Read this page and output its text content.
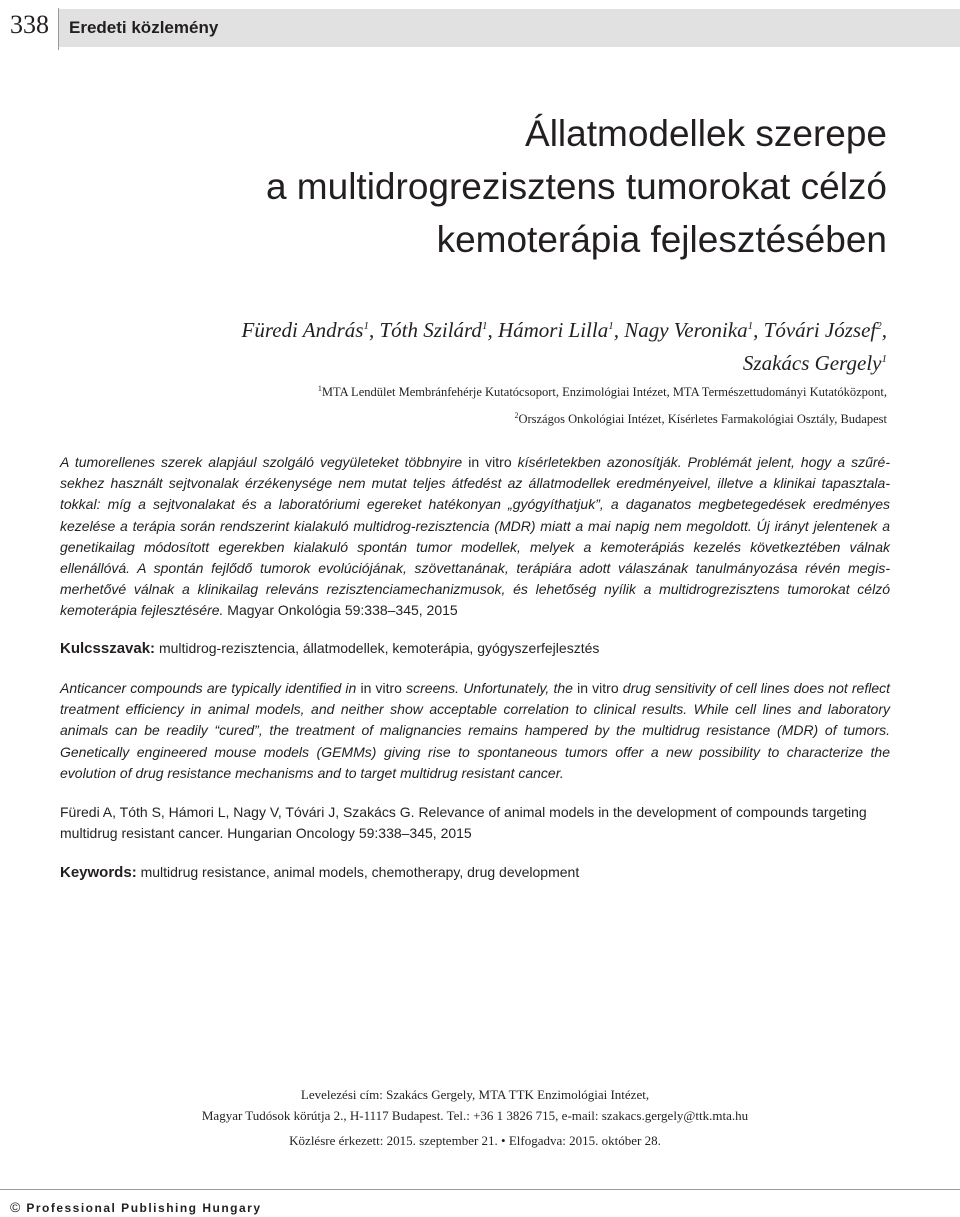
338 Eredeti közlemény
Állatmodellek szerepe
a multidrogrezisztens tumorokat célzó
kemoterápia fejlesztésében
Füredi András$^1$, Tóth Szilárd$^1$, Hámori Lilla$^1$, Nagy Veronika$^1$, Tóvári József$^2$,
Szakács Gergely$^1$
$^1$MTA Lendület Membránfehérje Kutatócsoport, Enzimológiai Intézet, MTA Természettudományi Kutatóközpont,
$^2$Országos Onkológiai Intézet, Kísérletes Farmakológiai Osztály, Budapest

A tumorellenes szerek alapjául szolgáló vegyületeket többnyire in vitro kísérletekben azonosítják. Problémát jelent, hogy a szűrésekhez használt sejtvonalak érzékenysége nem mutat teljes átfedést az állatmodellek eredményeivel, illetve a klinikai tapasztalatokkal: míg a sejtvonalakat és a laboratóriumi egereket hatékonyan „gyógyíthatjuk”, a daganatos megbetegedések eredményes kezelése a terápia során rendszerint kialakuló multidrog-rezisztencia (MDR) miatt a mai napig nem megoldott. Új irányt jelentenek a genetikailag módosított egerekben kialakuló spontán tumor modellek, melyek a kemoterápiás kezelés következtében válnak ellenállóvá. A spontán fejlődő tumorok evolúciójának, szövettanának, terápiára adott válaszának tanulmányozása révén megismerhetővé válnak a klinikailag releváns rezisztenciamechanizmusok, és lehetőség nyílik a multidrogrezisztens tumorokat célzó kemoterápia fejlesztésére. Magyar Onkológia 59:338–345, 2015

Kulcsszavak: multidrog-rezisztencia, állatmodellek, kemoterápia, gyógyszerfejlesztés

Anticancer compounds are typically identified in in vitro screens. Unfortunately, the in vitro drug sensitivity of cell lines does not reflect treatment efficiency in animal models, and neither show acceptable correlation to clinical results. While cell lines and laboratory animals can be readily “cured”, the treatment of malignancies remains hampered by the multidrug resistance (MDR) of tumors. Genetically engineered mouse models (GEMMs) giving rise to spontaneous tumors offer a new possibility to characterize the evolution of drug resistance mechanisms and to target multidrug resistant cancer.

Füredi A, Tóth S, Hámori L, Nagy V, Tóvári J, Szakács G. Relevance of animal models in the development of compounds targeting multidrug resistant cancer. Hungarian Oncology 59:338–345, 2015

Keywords: multidrug resistance, animal models, chemotherapy, drug development

Levelezési cím: Szakács Gergely, MTA TTK Enzimológiai Intézet,
Magyar Tudósok körútja 2., H-1117 Budapest. Tel.: +36 1 3826 715, e-mail: szakacs.gergely@ttk.mta.hu
Közlésre érkezett: 2015. szeptember 21. • Elfogadva: 2015. október 28.
© Professional Publishing Hungary
